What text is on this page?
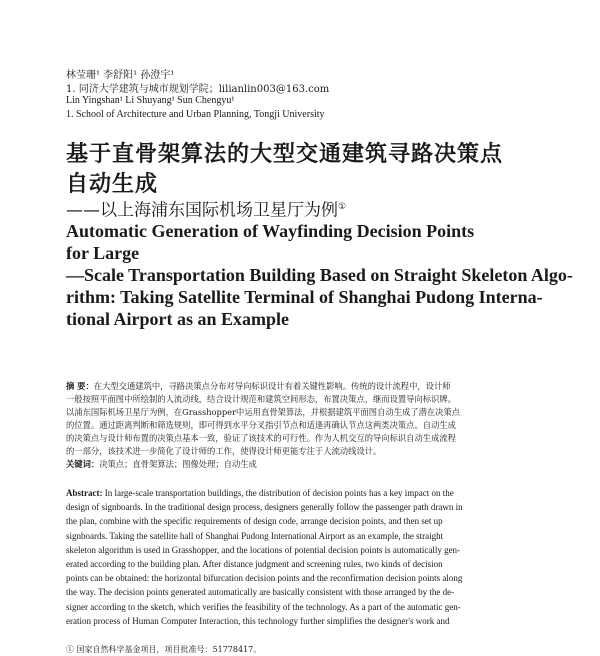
林莹珊¹ 李舒阳¹ 孙澄宇¹
1. 同济大学建筑与城市规划学院；lilianlin003@163.com
Lin Yingshan¹ Li Shuyang¹ Sun Chengyu¹
1. School of Architecture and Urban Planning, Tongji University
基于直骨架算法的大型交通建筑寻路决策点
自动生成
——以上海浦东国际机场卫星厅为例①
Automatic Generation of Wayfinding Decision Points
for Large
—Scale Transportation Building Based on Straight Skeleton Algo-
rithm: Taking Satellite Terminal of Shanghai Pudong Interna-
tional Airport as an Example
摘 要：在大型交通建筑中，寻路决策点分布对导向标识设计有着关键性影响。传统的设计流程中，设计师
一般按照平面图中所绘制的人流动线，结合设计规范和建筑空间形态，布置决策点，继而设置导向标识牌。
以浦东国际机场卫星厅为例，在Grasshopper中运用直骨架算法，并根据建筑平面图自动生成了潜在决策点
的位置。通过距离判断和筛选规则，即可得到水平分叉指引节点和适逢再确认节点这两类决策点。自动生成
的决策点与设计师布置的决策点基本一致，验证了该技术的可行性。作为人机交互的导向标识自动生成流程
的一部分，该技术进一步简化了设计师的工作，使得设计师更能专注于人流动线设计。
关键词：决策点；直骨架算法；图像处理；自动生成
Abstract: In large-scale transportation buildings, the distribution of decision points has a key impact on the
design of signboards. In the traditional design process, designers generally follow the passenger path drawn in
the plan, combine with the specific requirements of design code, arrange decision points, and then set up
signboards. Taking the satellite hall of Shanghai Pudong International Airport as an example, the straight
skeleton algorithm is used in Grasshopper, and the locations of potential decision points is automatically gen-
erated according to the building plan. After distance judgment and screening rules, two kinds of decision
points can be obtained: the horizontal bifurcation decision points and the reconfirmation decision points along
the way. The decision points generated automatically are basically consistent with those arranged by the de-
signer according to the sketch, which verifies the feasibility of the technology. As a part of the automatic gen-
eration process of Human Computer Interaction, this technology further simplifies the designer's work and
① 国家自然科学基金项目，项目批准号：51778417。
